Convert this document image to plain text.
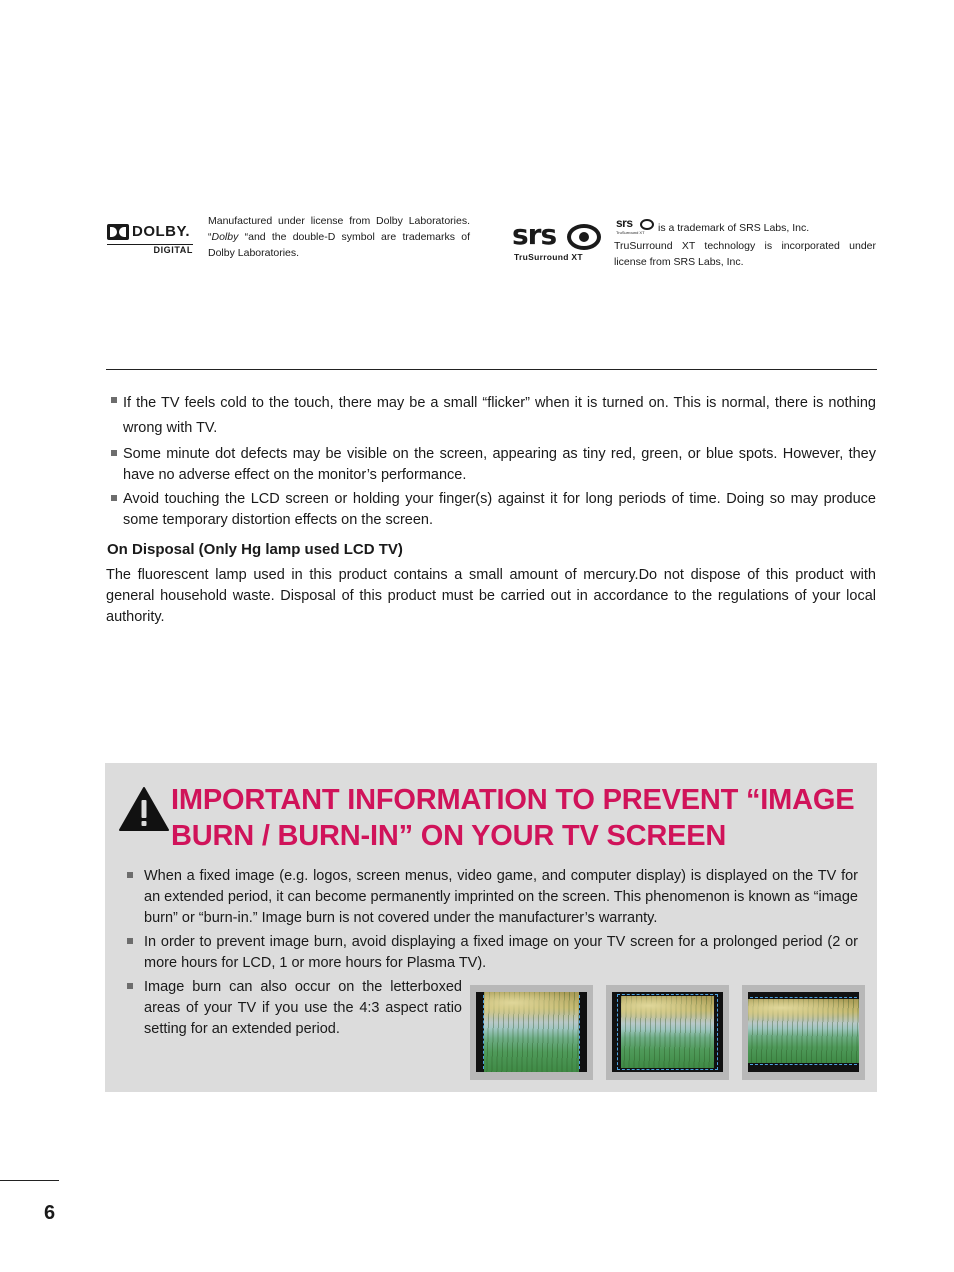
DOLBY.
DIGITAL

Manufactured under license from Dolby Laboratories. “Dolby “and the double-D symbol are trademarks of Dolby Laboratories.

srs
TruSurround XT
srs
TruSurround XT is a trademark of SRS Labs, Inc.

TruSurround XT technology is incorporated under license from SRS Labs, Inc.

If the TV feels cold to the touch, there may be a small “flicker” when it is turned on. This is normal, there is nothing wrong with TV.
Some minute dot defects may be visible on the screen, appearing as tiny red, green, or blue spots. However, they have no adverse effect on the monitor’s performance.
Avoid touching the LCD screen or holding your finger(s) against it for long periods of time. Doing so may produce some temporary distortion effects on the screen.
On Disposal (Only Hg lamp used LCD TV)

The fluorescent lamp used in this product contains a small amount of mercury.Do not dispose of this product with general household waste. Disposal of this product must be carried out in accordance to the regulations of your local authority.

IMPORTANT INFORMATION TO PREVENT “IMAGE BURN / BURN-IN” ON YOUR TV SCREEN
When a fixed image (e.g. logos, screen menus, video game, and computer display) is displayed on the TV for an extended period, it can become permanently imprinted on the screen. This phenomenon is known as “image burn” or “burn-in.” Image burn is not covered under the manufacturer’s warranty.
In order to prevent image burn, avoid displaying a fixed image on your TV screen for a prolonged period (2 or more hours for LCD, 1 or more hours for Plasma TV).
Image burn can also occur on the letterboxed areas of your TV if you use the 4:3 aspect ratio setting for an extended period.
6
